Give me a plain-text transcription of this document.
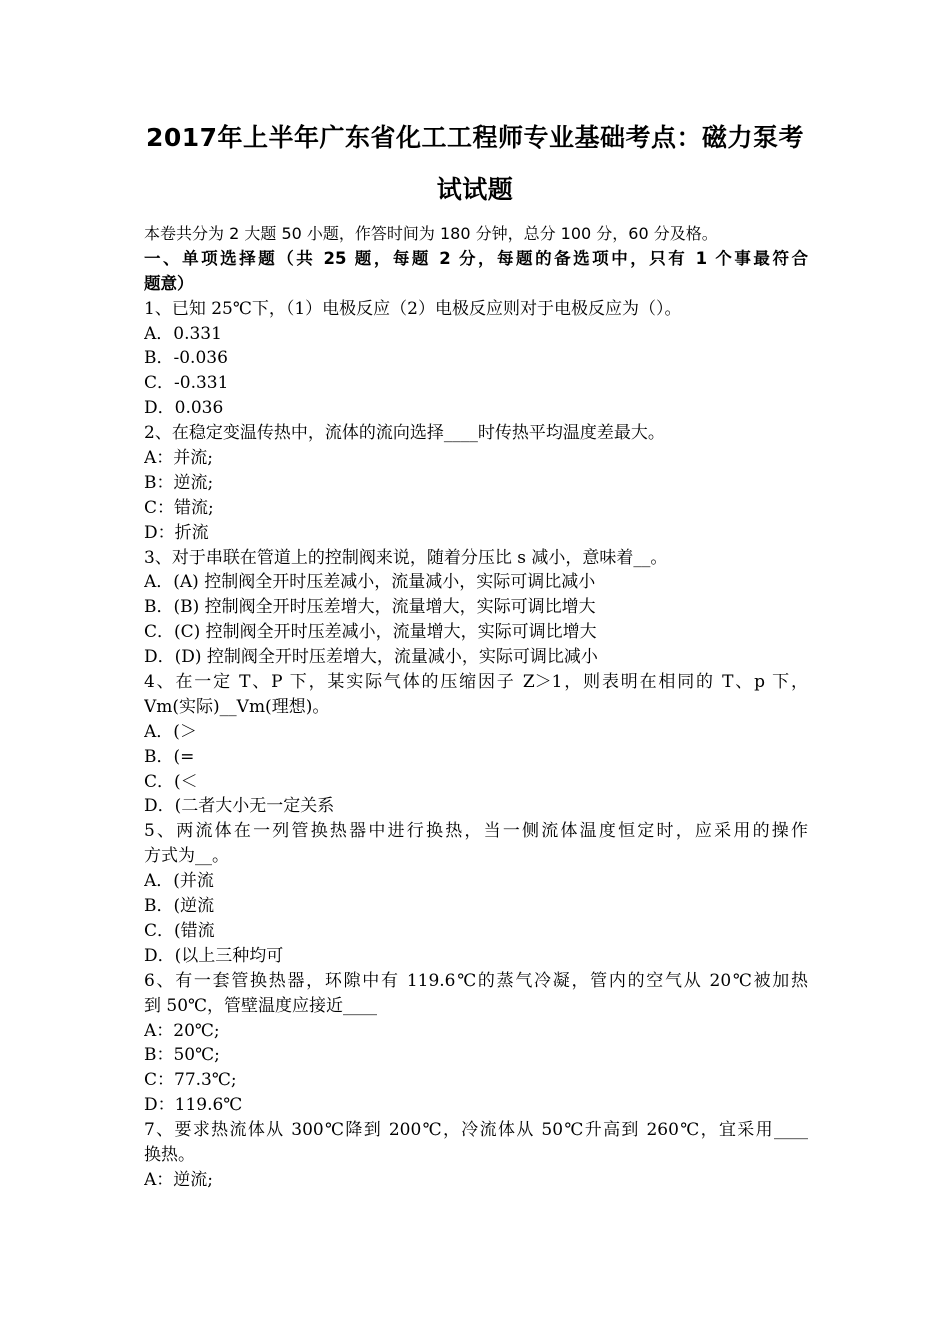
2017年上半年广东省化工工程师专业基础考点：磁力泵考
试试题
本卷共分为 2 大题 50 小题，作答时间为 180 分钟，总分 100 分，60 分及格。
一、单项选择题（共 25 题，每题 2 分，每题的备选项中，只有 1 个事最符合
题意）
1、已知 25℃下，（1）电极反应（2）电极反应则对于电极反应为（）。
A．0.331
B．-0.036
C．-0.331
D．0.036
2、在稳定变温传热中，流体的流向选择____时传热平均温度差最大。
A：并流;
B：逆流;
C：错流;
D：折流
3、对于串联在管道上的控制阀来说，随着分压比 s 减小，意味着__。
A．(A) 控制阀全开时压差减小，流量减小，实际可调比减小
B．(B) 控制阀全开时压差增大，流量增大，实际可调比增大
C．(C) 控制阀全开时压差减小，流量增大，实际可调比增大
D．(D) 控制阀全开时压差增大，流量减小，实际可调比减小
4、在一定 T、P 下，某实际气体的压缩因子 Z＞1，则表明在相同的 T、p 下，
Vm(实际)__Vm(理想)。
A．(＞
B．(=
C．(＜
D．(二者大小无一定关系
5、两流体在一列管换热器中进行换热，当一侧流体温度恒定时，应采用的操作
方式为__。
A．(并流
B．(逆流
C．(错流
D．(以上三种均可
6、有一套管换热器，环隙中有 119.6℃的蒸气冷凝，管内的空气从 20℃被加热
到 50℃，管壁温度应接近____
A：20℃;
B：50℃;
C：77.3℃;
D：119.6℃
7、要求热流体从 300℃降到 200℃，冷流体从 50℃升高到 260℃，宜采用____
换热。
A：逆流;
